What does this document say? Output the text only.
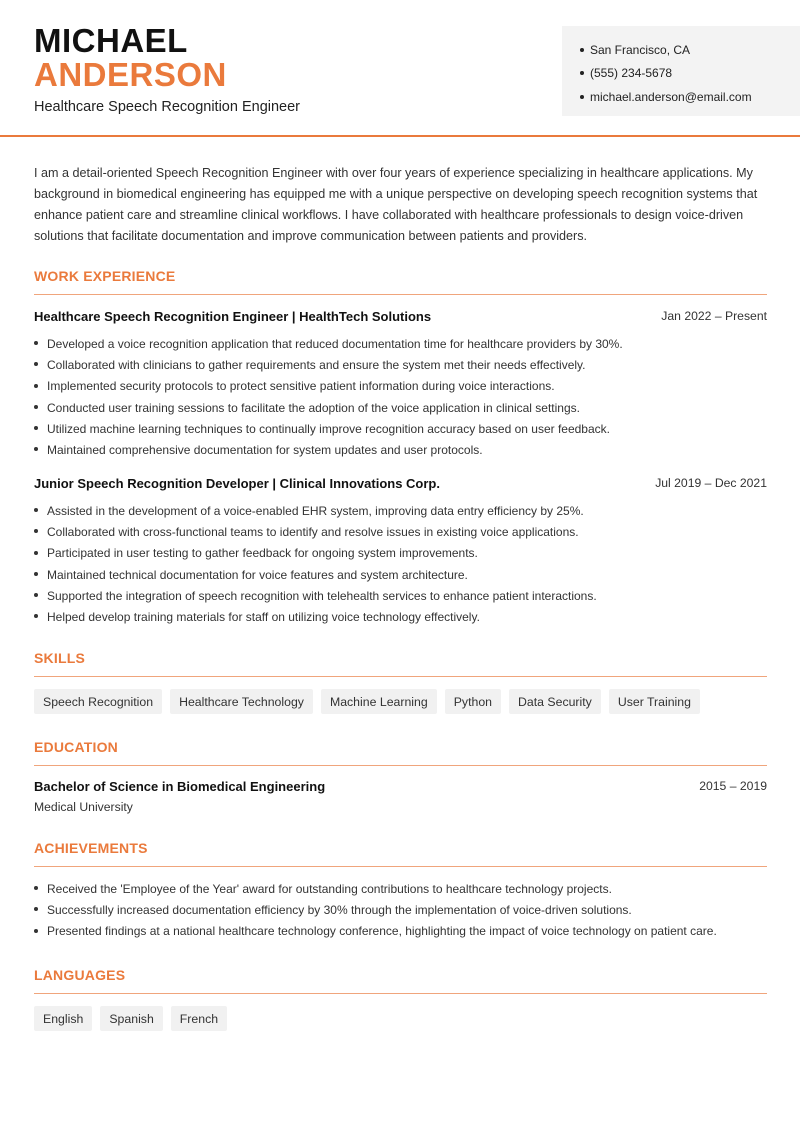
MICHAEL
ANDERSON
Healthcare Speech Recognition Engineer
San Francisco, CA
(555) 234-5678
michael.anderson@email.com

I am a detail-oriented Speech Recognition Engineer with over four years of experience specializing in healthcare applications. My background in biomedical engineering has equipped me with a unique perspective on developing speech recognition systems that enhance patient care and streamline clinical workflows. I have collaborated with healthcare professionals to design voice-driven solutions that facilitate documentation and improve communication between patients and providers.

WORK EXPERIENCE
Healthcare Speech Recognition Engineer | HealthTech Solutions	Jan 2022 – Present
Developed a voice recognition application that reduced documentation time for healthcare providers by 30%.
Collaborated with clinicians to gather requirements and ensure the system met their needs effectively.
Implemented security protocols to protect sensitive patient information during voice interactions.
Conducted user training sessions to facilitate the adoption of the voice application in clinical settings.
Utilized machine learning techniques to continually improve recognition accuracy based on user feedback.
Maintained comprehensive documentation for system updates and user protocols.
Junior Speech Recognition Developer | Clinical Innovations Corp.	Jul 2019 – Dec 2021
Assisted in the development of a voice-enabled EHR system, improving data entry efficiency by 25%.
Collaborated with cross-functional teams to identify and resolve issues in existing voice applications.
Participated in user testing to gather feedback for ongoing system improvements.
Maintained technical documentation for voice features and system architecture.
Supported the integration of speech recognition with telehealth services to enhance patient interactions.
Helped develop training materials for staff on utilizing voice technology effectively.
SKILLS
Speech Recognition	Healthcare Technology	Machine Learning	Python	Data Security	User Training
EDUCATION
Bachelor of Science in Biomedical Engineering
Medical University
2015 – 2019
ACHIEVEMENTS
Received the 'Employee of the Year' award for outstanding contributions to healthcare technology projects.
Successfully increased documentation efficiency by 30% through the implementation of voice-driven solutions.
Presented findings at a national healthcare technology conference, highlighting the impact of voice technology on patient care.
LANGUAGES
English	Spanish	French
